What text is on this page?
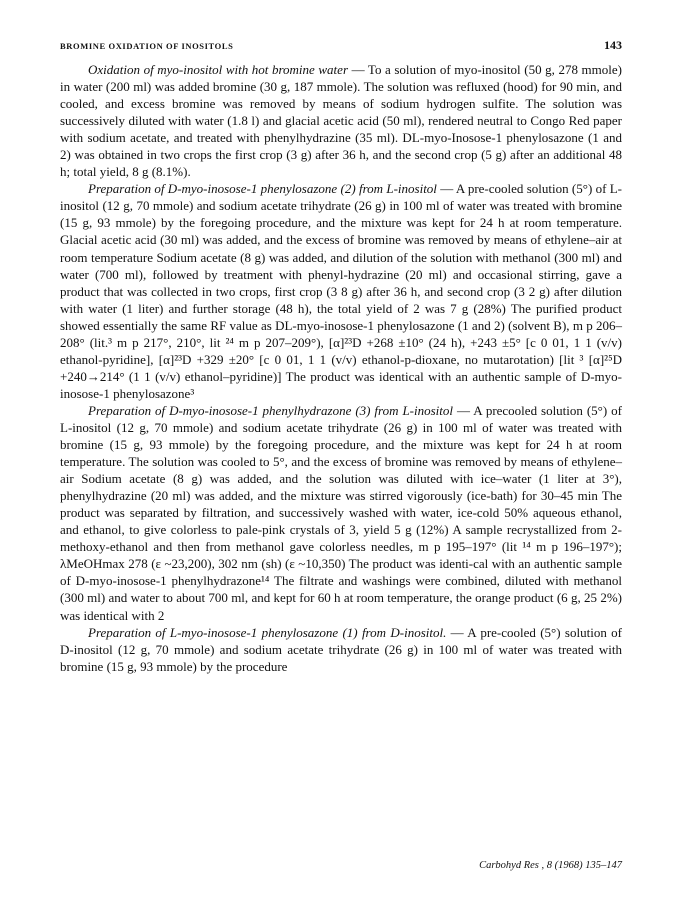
BROMINE OXIDATION OF INOSITOLS	143

Oxidation of myo-inositol with hot bromine water — To a solution of myo-inositol (50 g, 278 mmole) in water (200 ml) was added bromine (30 g, 187 mmole). The solution was refluxed (hood) for 90 min, and cooled, and excess bromine was removed by means of sodium hydrogen sulfite. The solution was successively diluted with water (1.8 l) and glacial acetic acid (50 ml), rendered neutral to Congo Red paper with sodium acetate, and treated with phenylhydrazine (35 ml). DL-myo-Inosose-1 phenylosazone (1 and 2) was obtained in two crops the first crop (3 g) after 36 h, and the second crop (5 g) after an additional 48 h; total yield, 8 g (8.1%).

Preparation of D-myo-inosose-1 phenylosazone (2) from L-inositol — A pre-cooled solution (5°) of L-inositol (12 g, 70 mmole) and sodium acetate trihydrate (26 g) in 100 ml of water was treated with bromine (15 g, 93 mmole) by the foregoing procedure, and the mixture was kept for 24 h at room temperature. Glacial acetic acid (30 ml) was added, and the excess of bromine was removed by means of ethylene–air at room temperature Sodium acetate (8 g) was added, and dilution of the solution with methanol (300 ml) and water (700 ml), followed by treatment with phenyl-hydrazine (20 ml) and occasional stirring, gave a product that was collected in two crops, first crop (3 8 g) after 36 h, and second crop (3 2 g) after dilution with water (1 liter) and further storage (48 h), the total yield of 2 was 7 g (28%) The purified product showed essentially the same RF value as DL-myo-inosose-1 phenylosazone (1 and 2) (solvent B), m p 206–208° (lit.³ m p 217°, 210°, lit ²⁴ m p 207–209°), [α]²³D +268 ±10° (24 h), +243 ±5° [c 0 01, 1 1 (v/v) ethanol-pyridine], [α]²³D +329 ±20° [c 0 01, 1 1 (v/v) ethanol-p-dioxane, no mutarotation) [lit ³ [α]²⁵D +240→214° (1 1 (v/v) ethanol–pyridine)] The product was identical with an authentic sample of D-myo-inosose-1 phenylosazone³

Preparation of D-myo-inosose-1 phenylhydrazone (3) from L-inositol — A precooled solution (5°) of L-inositol (12 g, 70 mmole) and sodium acetate trihydrate (26 g) in 100 ml of water was treated with bromine (15 g, 93 mmole) by the foregoing procedure, and the mixture was kept for 24 h at room temperature. The solution was cooled to 5°, and the excess of bromine was removed by means of ethylene–air Sodium acetate (8 g) was added, and the solution was diluted with ice–water (1 liter at 3°), phenylhydrazine (20 ml) was added, and the mixture was stirred vigorously (ice-bath) for 30–45 min The product was separated by filtration, and successively washed with water, ice-cold 50% aqueous ethanol, and ethanol, to give colorless to pale-pink crystals of 3, yield 5 g (12%) A sample recrystallized from 2-methoxy-ethanol and then from methanol gave colorless needles, m p 195–197° (lit ¹⁴ m p 196–197°); λMeOHmax 278 (ε ~23,200), 302 nm (sh) (ε ~10,350) The product was identi-cal with an authentic sample of D-myo-inosose-1 phenylhydrazone¹⁴ The filtrate and washings were combined, diluted with methanol (300 ml) and water to about 700 ml, and kept for 60 h at room temperature, the orange product (6 g, 25 2%) was identical with 2

Preparation of L-myo-inosose-1 phenylosazone (1) from D-inositol. — A pre-cooled (5°) solution of D-inositol (12 g, 70 mmole) and sodium acetate trihydrate (26 g) in 100 ml of water was treated with bromine (15 g, 93 mmole) by the procedure

Carbohyd Res , 8 (1968) 135–147
